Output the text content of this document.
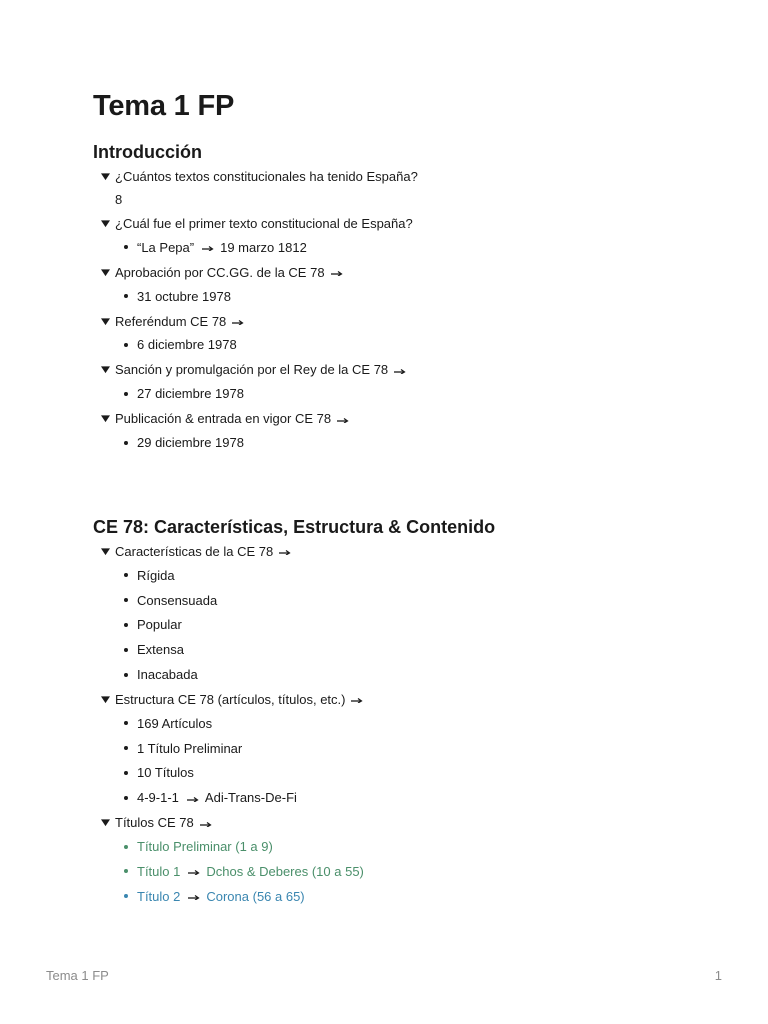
Tema 1 FP
Introducción
¿Cuántos textos constitucionales ha tenido España?
8
¿Cuál fue el primer texto constitucional de España?
“La Pepa” 19 marzo 1812
Aprobación por CC.GG. de la CE 78
31 octubre 1978
Referéndum CE 78
6 diciembre 1978
Sanción y promulgación por el Rey de la CE 78
27 diciembre 1978
Publicación & entrada en vigor CE 78
29 diciembre 1978
CE 78: Características, Estructura & Contenido
Características de la CE 78
Rígida
Consensuada
Popular
Extensa
Inacabada
Estructura CE 78 (artículos, títulos, etc.)
169 Artículos
1 Título Preliminar
10 Títulos
4-9-1-1 Adi-Trans-De-Fi
Títulos CE 78
Título Preliminar (1 a 9)
Título 1 Dchos & Deberes (10 a 55)
Título 2 Corona (56 a 65)
Tema 1 FP	1
